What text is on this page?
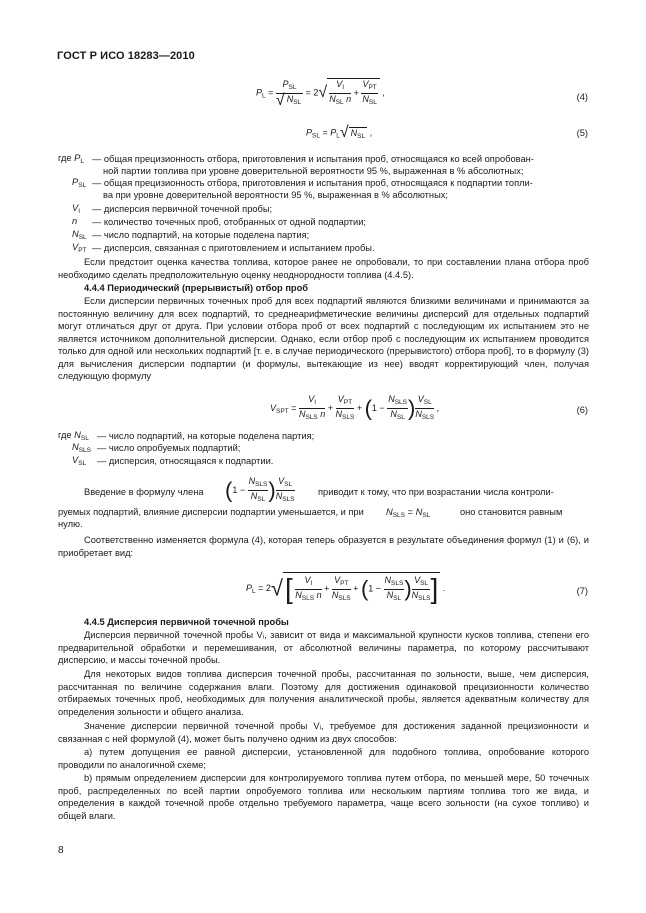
ГОСТ Р ИСО 18283—2010
$P_L = \frac{P_{SL}}{√ N_{SL}} = 2√ \frac{V_I}{N_{SL} n} + \frac{V_{PT}}{N_{SL}}$ ,	(4)
$P_{SL} = P_L√$ $N_{SL}$ ,	(5)
где $P_L$ — общая прецизионность отбора, приготовления и испытания проб, относящаяся ко всей опробован-
ной партии топлива при уровне доверительной вероятности 95 %, выраженная в % абсолютных;
$P_{SL}$ — общая прецизионность отбора, приготовления и испытания проб, относящаяся к подпартии топли-
ва при уровне доверительной вероятности 95 %, выраженная в % абсолютных;
$V_I$ — дисперсия первичной точечной пробы;
n — количество точечных проб, отобранных от одной подпартии;
$N_{SL}$ — число подпартий, на которые поделена партия;
$V_{PT}$ — дисперсия, связанная с приготовлением и испытанием пробы.
Если предстоит оценка качества топлива, которое ранее не опробовали, то при составлении плана отбора проб необходимо сделать предположительную оценку неоднородности топлива (4.4.5).
4.4.4 Периодический (прерывистый) отбор проб
Если дисперсии первичных точечных проб для всех подпартий являются близкими величинами и принимаются за постоянную величину для всех подпартий, то среднеарифметические величины дисперсий для отдельных подпартий могут отличаться друг от друга. При условии отбора проб от всех подпартий с последующим их испытанием это не является источником дополнительной дисперсии. Однако, если отбор проб с последующим их испытанием проводится только для одной или нескольких подпартий [т. е. в случае периодического (прерывистого) отбора проб], то в формулу (3) для вычисления дисперсии подпартии (и формулы, вытекающие из нее) вводят корректирующий член, получая следующую формулу
$V_{SPT} = \frac{V_I}{N_{SLS} n} + \frac{V_{PT}}{N_{SLS}} + (1 - \frac{N_{SLS}}{N_{SL}}$ ) $\frac{V_{SL}}{N_{SLS}}$ ,	(6)
где $N_{SL}$ — число подпартий, на которые поделена партия;
$N_{SLS}$ — число опробуемых подпартий;
$V_{SL}$ — дисперсия, относящаяся к подпартии.
Введение в формулу члена ($1 - \frac{N_{SLS}}{N_{SL}}$ ) $\frac{V_{SL}}{N_{SLS}}$	приводит к тому, что при возрастании числа контроли-
руемых подпартий, влияние дисперсии подпартии уменьшается, и при $N_{SLS} = N_{SL}$	оно становится равным
нулю.
Соответственно изменяется формула (4), которая теперь образуется в результате объединения формул (1) и (6), и приобретает вид:
$P_L = 2√[ \frac{V_I}{N_{SLS} n} + \frac{V_{PT}}{N_{SLS}} + (1 - \frac{N_{SLS}}{N_{SL}}$ ) $\frac{V_{SL}}{N_{SLS}}$ ] .	(7)
4.4.5 Дисперсия первичной точечной пробы
Дисперсия первичной точечной пробы Vᵢ, зависит от вида и максимальной крупности кусков топлива, степени его предварительной обработки и перемешивания, от абсолютной величины параметра, по которому рассчитывают дисперсию, и массы точечной пробы.
Для некоторых видов топлива дисперсия точечной пробы, рассчитанная по зольности, выше, чем дисперсия, рассчитанная по величине содержания влаги. Поэтому для достижения одинаковой прецизионности количество отбираемых точечных проб, необходимых для получения аналитической пробы, является адекватным количеству для определения зольности и общего анализа.
Значение дисперсии первичной точечной пробы Vᵢ, требуемое для достижения заданной прецизионности и связанная с ней формулой (4), может быть получено одним из двух способов:
а) путем допущения ее равной дисперсии, установленной для подобного топлива, опробование которого проводили по аналогичной схеме;
b) прямым определением дисперсии для контролируемого топлива путем отбора, по меньшей мере, 50 точечных проб, распределенных по всей партии опробуемого топлива или нескольким партиям топлива того же вида, и определения в каждой точечной пробе отдельно требуемого параметра, чаще всего зольности (на сухое топливо) и общей влаги.
8
